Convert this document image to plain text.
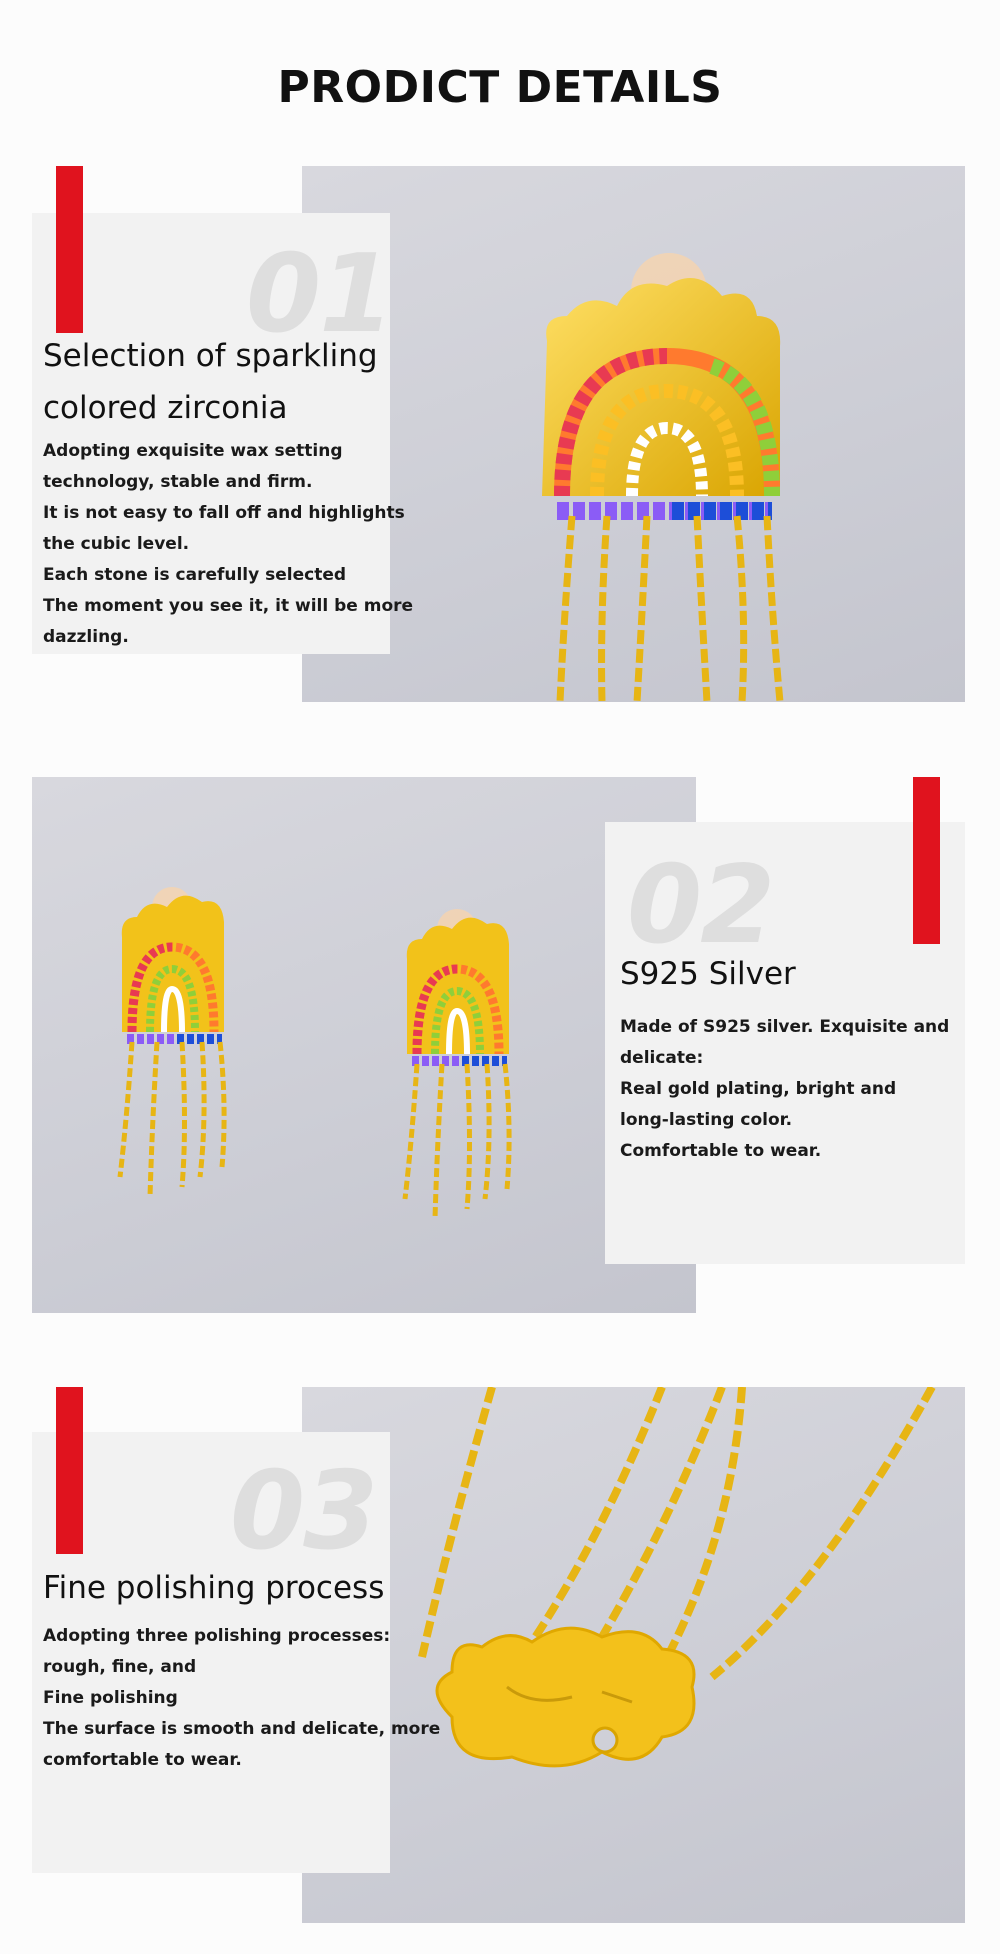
PRODICT DETAILS
01
Selection of sparkling
colored zirconia
Adopting exquisite wax setting
technology, stable and firm.
It is not easy to fall off and highlights
the cubic level.
Each stone is carefully selected
The moment you see it, it will be more
dazzling.
02
S925 Silver
Made of S925 silver. Exquisite and
delicate:
Real gold plating, bright and
long-lasting color.
Comfortable to wear.
03
Fine polishing process
Adopting three polishing processes:
rough, fine, and
Fine polishing
The surface is smooth and delicate, more
comfortable to wear.
